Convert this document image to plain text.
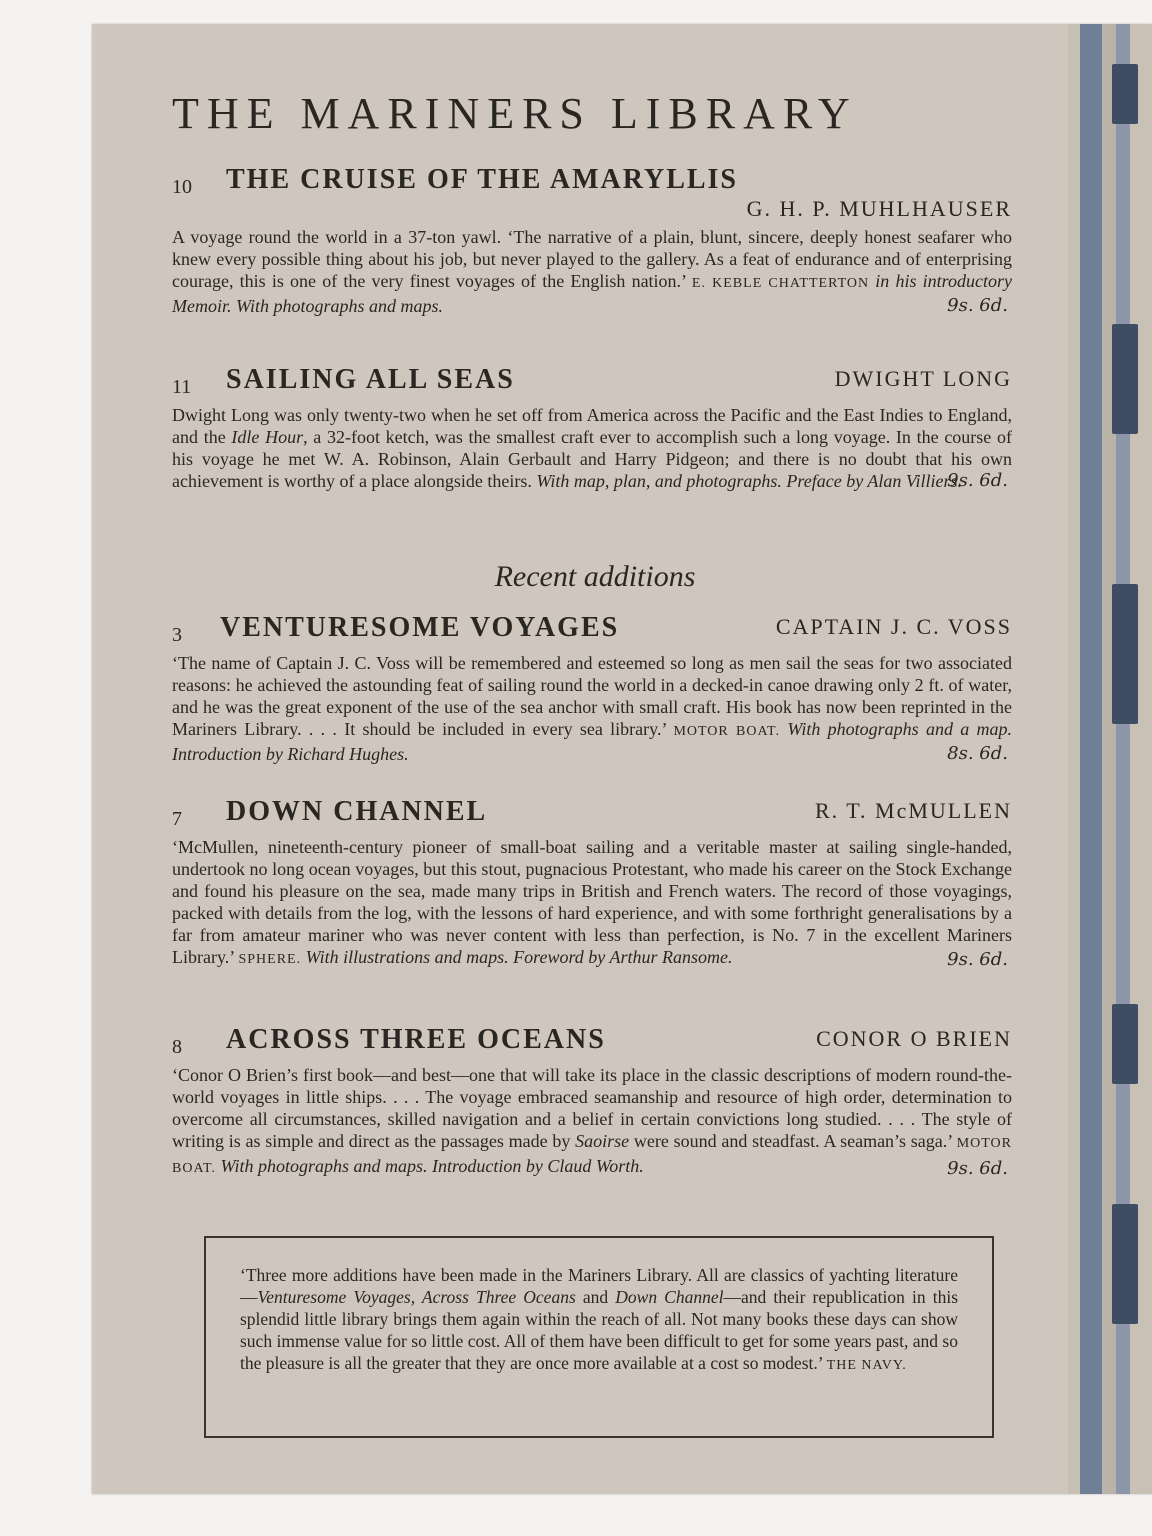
THE MARINERS LIBRARY
10 THE CRUISE OF THE AMARYLLIS
G. H. P. MUHLHAUSER

A voyage round the world in a 37-ton yawl. ‘The narrative of a plain, blunt, sincere, deeply honest seafarer who knew every possible thing about his job, but never played to the gallery. As a feat of endurance and of enterprising courage, this is one of the very finest voyages of the English nation.’ E. KEBLE CHATTERTON in his introductory Memoir. With photographs and maps.	9s. 6d.
11 SAILING ALL SEAS	DWIGHT LONG

Dwight Long was only twenty-two when he set off from America across the Pacific and the East Indies to England, and the Idle Hour, a 32-foot ketch, was the smallest craft ever to accomplish such a long voyage. In the course of his voyage he met W. A. Robinson, Alain Gerbault and Harry Pidgeon; and there is no doubt that his own achievement is worthy of a place alongside theirs. With map, plan, and photographs. Preface by Alan Villiers.

9s. 6d.
Recent additions
3 VENTURESOME VOYAGES	CAPTAIN J. C. VOSS

‘The name of Captain J. C. Voss will be remembered and esteemed so long as men sail the seas for two associated reasons: he achieved the astounding feat of sailing round the world in a decked-in canoe drawing only 2 ft. of water, and he was the great exponent of the use of the sea anchor with small craft. His book has now been reprinted in the Mariners Library. . . . It should be included in every sea library.’ MOTOR BOAT. With photographs and a map. Introduction by Richard Hughes.	8s. 6d.
7 DOWN CHANNEL	R. T. McMULLEN

‘McMullen, nineteenth-century pioneer of small-boat sailing and a veritable master at sailing single-handed, undertook no long ocean voyages, but this stout, pugnacious Protestant, who made his career on the Stock Exchange and found his pleasure on the sea, made many trips in British and French waters. The record of those voyagings, packed with details from the log, with the lessons of hard experience, and with some forthright generalisations by a far from amateur mariner who was never content with less than perfection, is No. 7 in the excellent Mariners Library.’ SPHERE. With illustrations and maps. Foreword by Arthur Ransome.	9s. 6d.
8 ACROSS THREE OCEANS	CONOR O BRIEN

‘Conor O Brien’s first book—and best—one that will take its place in the classic descriptions of modern round-the-world voyages in little ships. . . . The voyage embraced seamanship and resource of high order, determination to overcome all circumstances, skilled navigation and a belief in certain convictions long studied. . . . The style of writing is as simple and direct as the passages made by Saoirse were sound and steadfast. A seaman’s saga.’ MOTOR BOAT. With photographs and maps. Introduction by Claud Worth.	9s. 6d.
‘Three more additions have been made in the Mariners Library. All are classics of yachting literature—Venturesome Voyages, Across Three Oceans and Down Channel—and their republication in this splendid little library brings them again within the reach of all. Not many books these days can show such immense value for so little cost. All of them have been difficult to get for some years past, and so the pleasure is all the greater that they are once more available at a cost so modest.’ THE NAVY.
